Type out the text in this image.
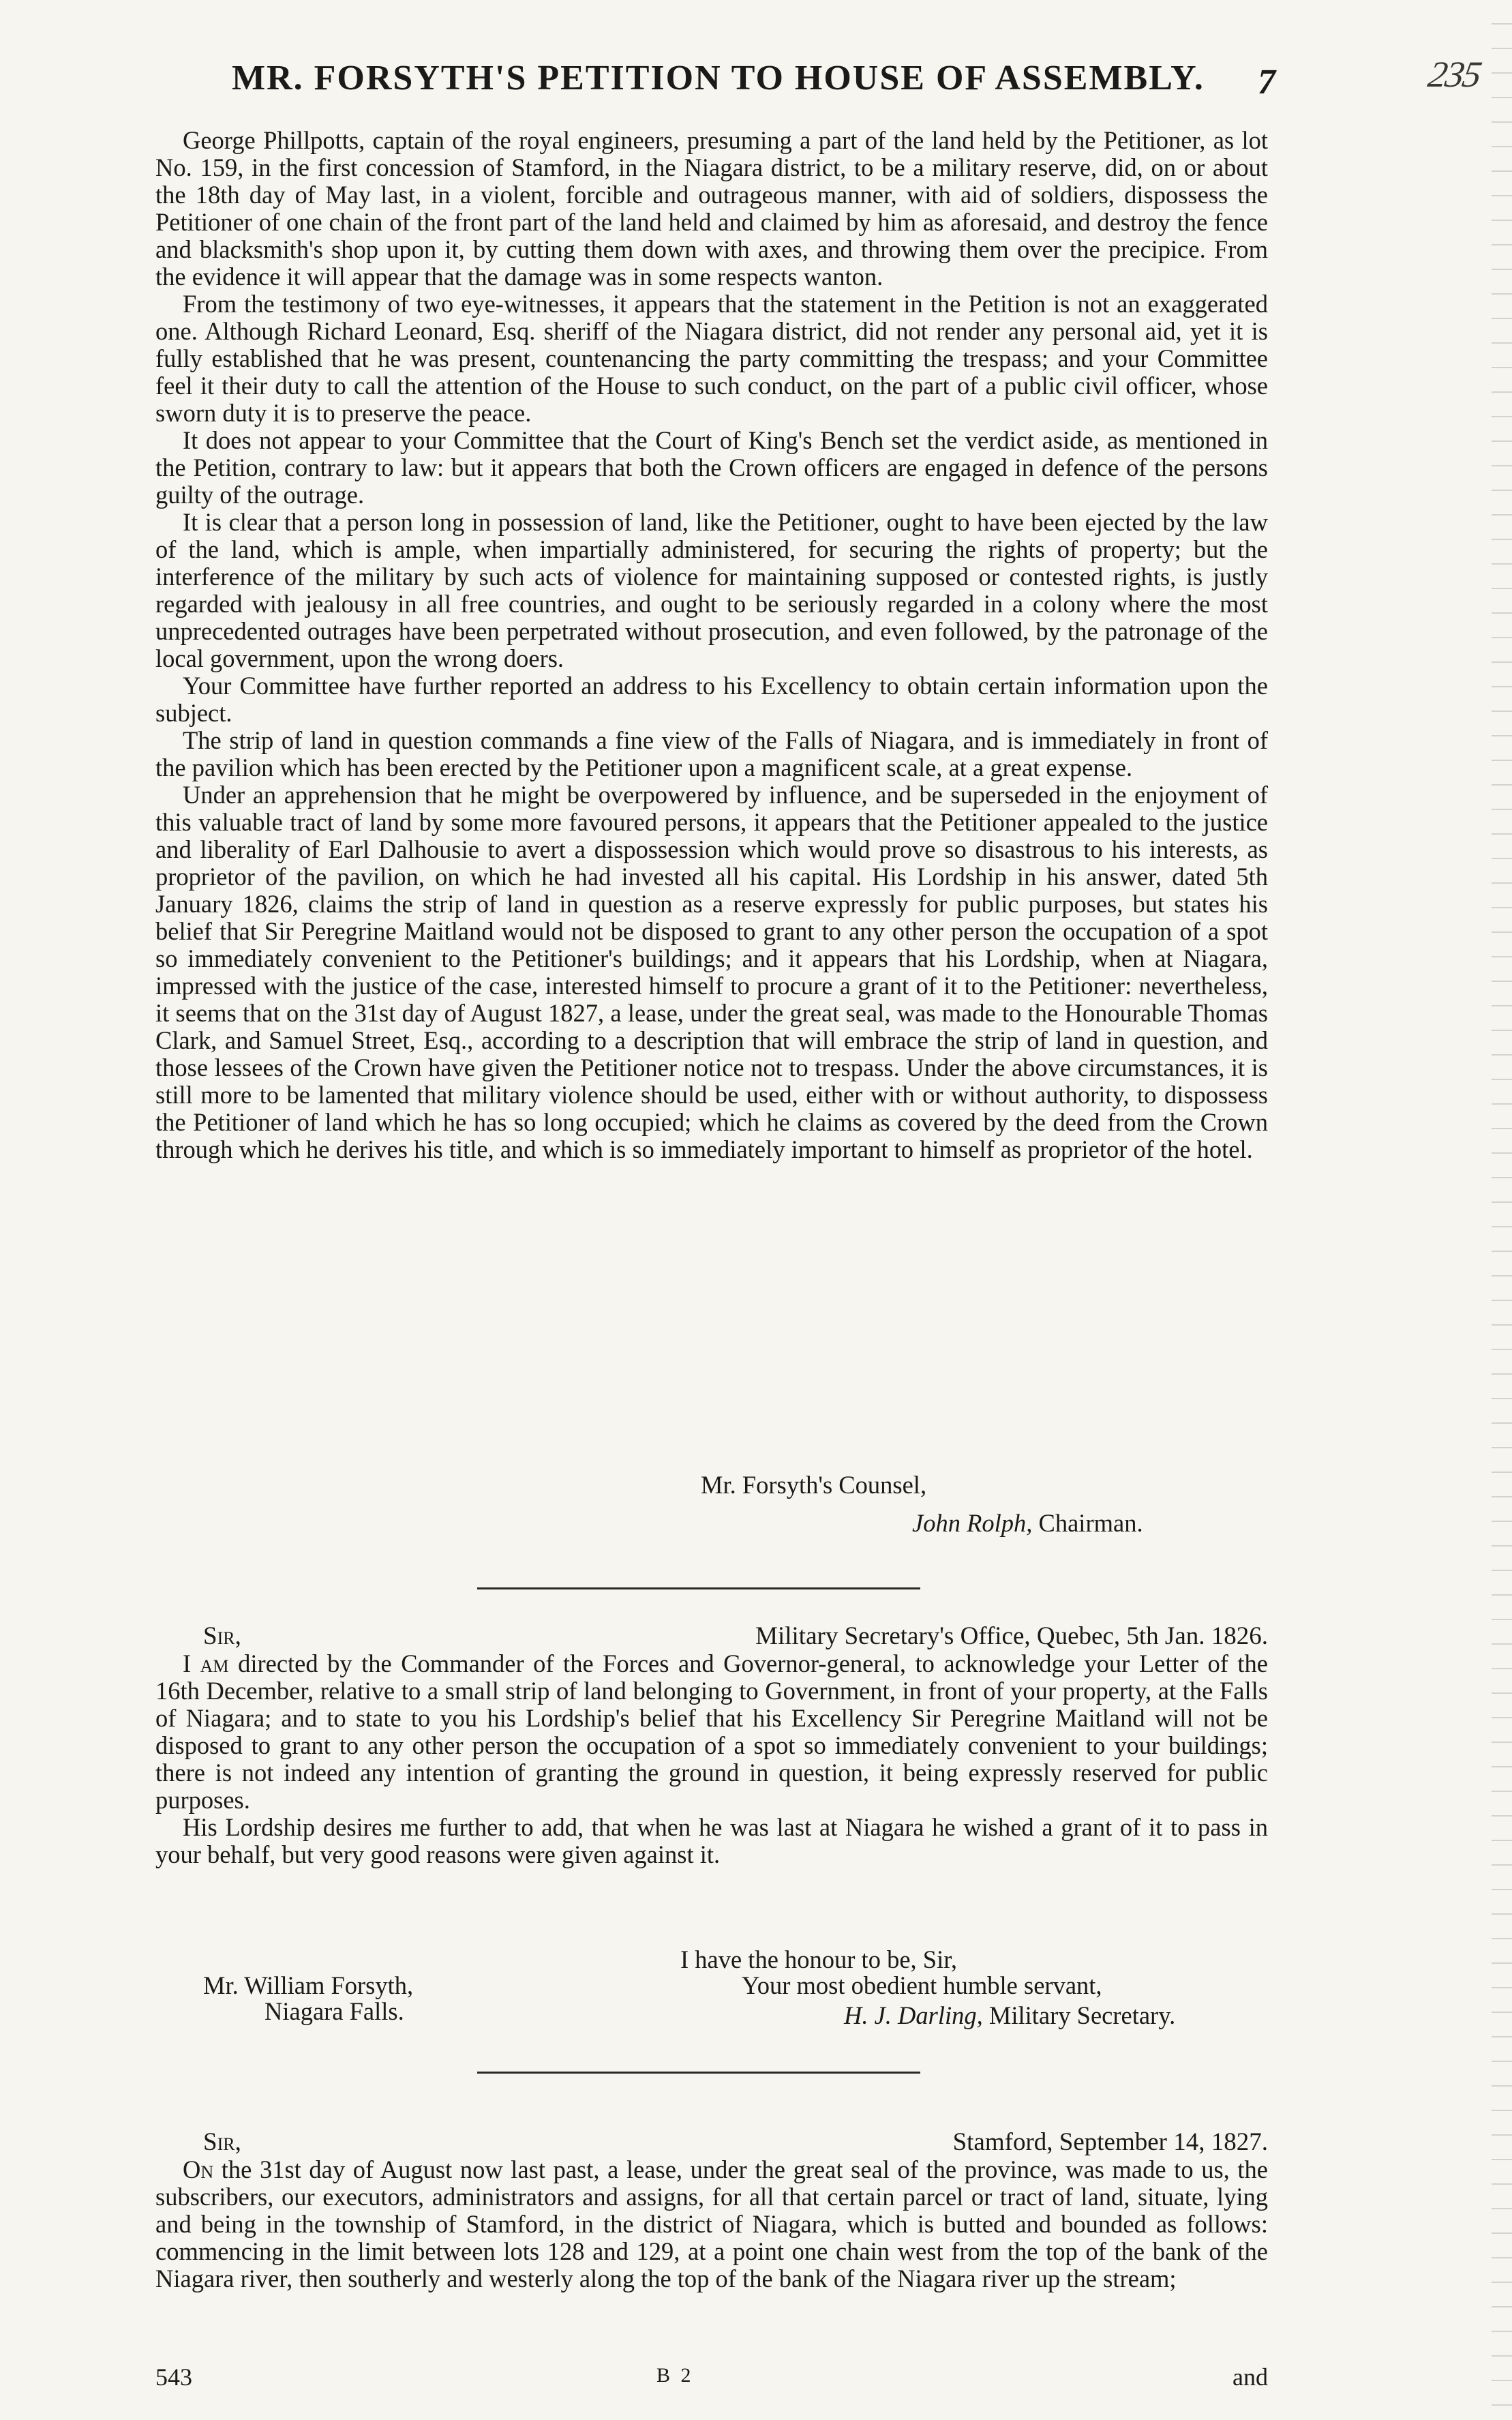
MR. FORSYTH'S PETITION TO HOUSE OF ASSEMBLY. 7	235

George Phillpotts, captain of the royal engineers, presuming a part of the land held by the Petitioner, as lot No. 159, in the first concession of Stamford, in the Niagara district, to be a military reserve, did, on or about the 18th day of May last, in a violent, forcible and outrageous manner, with aid of soldiers, dispossess the Petitioner of one chain of the front part of the land held and claimed by him as aforesaid, and destroy the fence and blacksmith's shop upon it, by cutting them down with axes, and throwing them over the precipice. From the evidence it will appear that the damage was in some respects wanton.

From the testimony of two eye-witnesses, it appears that the statement in the Petition is not an exaggerated one. Although Richard Leonard, Esq. sheriff of the Niagara district, did not render any personal aid, yet it is fully established that he was present, countenancing the party committing the trespass; and your Committee feel it their duty to call the attention of the House to such conduct, on the part of a public civil officer, whose sworn duty it is to preserve the peace.

It does not appear to your Committee that the Court of King's Bench set the verdict aside, as mentioned in the Petition, contrary to law: but it appears that both the Crown officers are engaged in defence of the persons guilty of the outrage.

It is clear that a person long in possession of land, like the Petitioner, ought to have been ejected by the law of the land, which is ample, when impartially administered, for securing the rights of property; but the interference of the military by such acts of violence for maintaining supposed or contested rights, is justly regarded with jealousy in all free countries, and ought to be seriously regarded in a colony where the most unprecedented outrages have been perpetrated without prosecution, and even followed, by the patronage of the local government, upon the wrong doers.

Your Committee have further reported an address to his Excellency to obtain certain information upon the subject.

The strip of land in question commands a fine view of the Falls of Niagara, and is immediately in front of the pavilion which has been erected by the Petitioner upon a magnificent scale, at a great expense.

Under an apprehension that he might be overpowered by influence, and be superseded in the enjoyment of this valuable tract of land by some more favoured persons, it appears that the Petitioner appealed to the justice and liberality of Earl Dalhousie to avert a dispossession which would prove so disastrous to his interests, as proprietor of the pavilion, on which he had invested all his capital. His Lordship in his answer, dated 5th January 1826, claims the strip of land in question as a reserve expressly for public purposes, but states his belief that Sir Peregrine Maitland would not be disposed to grant to any other person the occupation of a spot so immediately convenient to the Petitioner's buildings; and it appears that his Lordship, when at Niagara, impressed with the justice of the case, interested himself to procure a grant of it to the Petitioner: nevertheless, it seems that on the 31st day of August 1827, a lease, under the great seal, was made to the Honourable Thomas Clark, and Samuel Street, Esq., according to a description that will embrace the strip of land in question, and those lessees of the Crown have given the Petitioner notice not to trespass. Under the above circumstances, it is still more to be lamented that military violence should be used, either with or without authority, to dispossess the Petitioner of land which he has so long occupied; which he claims as covered by the deed from the Crown through which he derives his title, and which is so immediately important to himself as proprietor of the hotel.

Mr. Forsyth's Counsel,
John Rolph, Chairman.
Sir,	Military Secretary's Office, Quebec, 5th Jan. 1826.

I am directed by the Commander of the Forces and Governor-general, to acknowledge your Letter of the 16th December, relative to a small strip of land belonging to Government, in front of your property, at the Falls of Niagara; and to state to you his Lordship's belief that his Excellency Sir Peregrine Maitland will not be disposed to grant to any other person the occupation of a spot so immediately convenient to your buildings; there is not indeed any intention of granting the ground in question, it being expressly reserved for public purposes.

His Lordship desires me further to add, that when he was last at Niagara he wished a grant of it to pass in your behalf, but very good reasons were given against it.

I have the honour to be, Sir,
Mr. William Forsyth,	Your most obedient humble servant,
Niagara Falls.	H. J. Darling, Military Secretary.
Sir,	Stamford, September 14, 1827.

On the 31st day of August now last past, a lease, under the great seal of the province, was made to us, the subscribers, our executors, administrators and assigns, for all that certain parcel or tract of land, situate, lying and being in the township of Stamford, in the district of Niagara, which is butted and bounded as follows: commencing in the limit between lots 128 and 129, at a point one chain west from the top of the bank of the Niagara river, then southerly and westerly along the top of the bank of the Niagara river up the stream;

543	B 2	and
